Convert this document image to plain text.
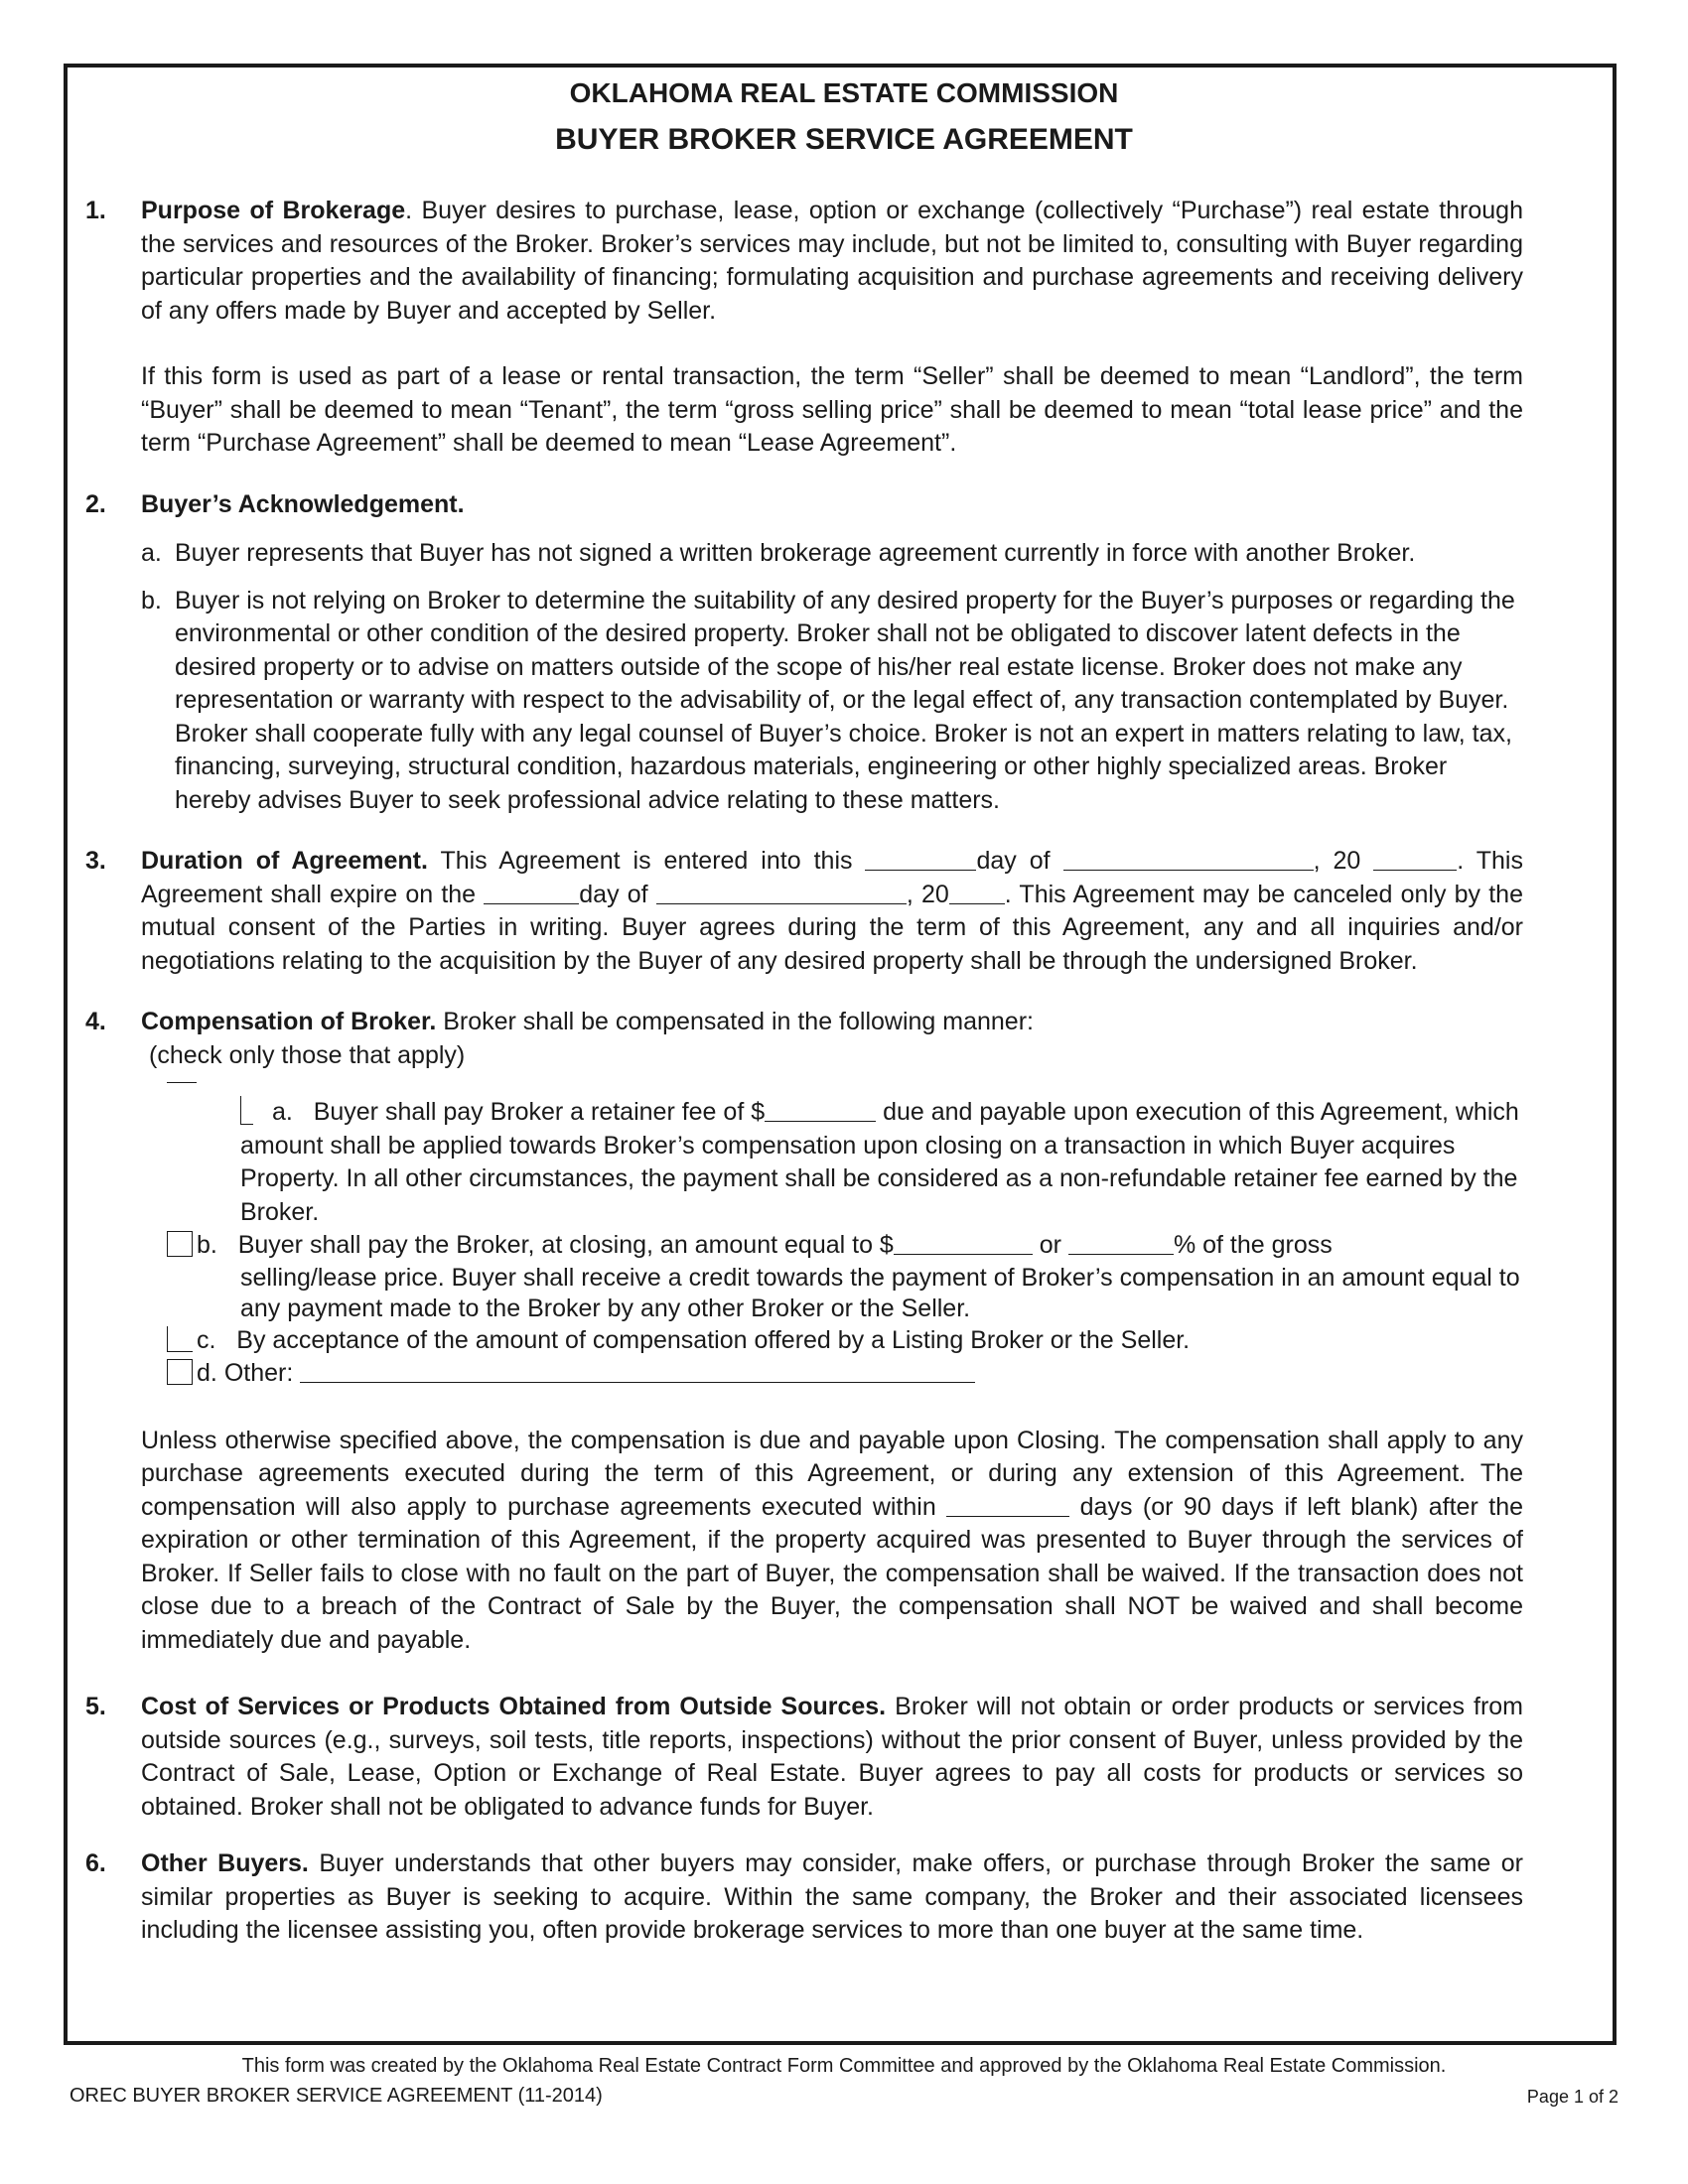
OKLAHOMA REAL ESTATE COMMISSION
BUYER BROKER SERVICE AGREEMENT
1. Purpose of Brokerage. Buyer desires to purchase, lease, option or exchange (collectively “Purchase”) real estate through the services and resources of the Broker. Broker’s services may include, but not be limited to, consulting with Buyer regarding particular properties and the availability of financing; formulating acquisition and purchase agreements and receiving delivery of any offers made by Buyer and accepted by Seller.

If this form is used as part of a lease or rental transaction, the term “Seller” shall be deemed to mean “Landlord”, the term “Buyer” shall be deemed to mean “Tenant”, the term “gross selling price” shall be deemed to mean “total lease price” and the term “Purchase Agreement” shall be deemed to mean “Lease Agreement”.

2. Buyer’s Acknowledgement.

a. Buyer represents that Buyer has not signed a written brokerage agreement currently in force with another Broker.

b. Buyer is not relying on Broker to determine the suitability of any desired property for the Buyer’s purposes or regarding the environmental or other condition of the desired property. Broker shall not be obligated to discover latent defects in the desired property or to advise on matters outside of the scope of his/her real estate license. Broker does not make any representation or warranty with respect to the advisability of, or the legal effect of, any transaction contemplated by Buyer. Broker shall cooperate fully with any legal counsel of Buyer’s choice. Broker is not an expert in matters relating to law, tax, financing, surveying, structural condition, hazardous materials, engineering or other highly specialized areas. Broker hereby advises Buyer to seek professional advice relating to these matters.

3. Duration of Agreement. This Agreement is entered into this	day of	, 20	. This Agreement shall expire on the	day of	, 20 . This Agreement may be canceled only by the mutual consent of the Parties in writing. Buyer agrees during the term of this Agreement, any and all inquiries and/or negotiations relating to the acquisition by the Buyer of any desired property shall be through the undersigned Broker.

4. Compensation of Broker. Broker shall be compensated in the following manner:

(check only those that apply)

a. Buyer shall pay Broker a retainer fee of $	due and payable upon execution of this Agreement, which amount shall be applied towards Broker’s compensation upon closing on a transaction in which Buyer acquires Property. In all other circumstances, the payment shall be considered as a non-refundable retainer fee earned by the Broker.

b. Buyer shall pay the Broker, at closing, an amount equal to $	or	% of the gross

selling/lease price. Buyer shall receive a credit towards the payment of Broker’s compensation in an amount equal to any payment made to the Broker by any other Broker or the Seller.

c. By acceptance of the amount of compensation offered by a Listing Broker or the Seller.

d. Other:

Unless otherwise specified above, the compensation is due and payable upon Closing. The compensation shall apply to any purchase agreements executed during the term of this Agreement, or during any extension of this Agreement. The compensation will also apply to purchase agreements executed within	days (or 90 days if left blank) after the expiration or other termination of this Agreement, if the property acquired was presented to Buyer through the services of Broker. If Seller fails to close with no fault on the part of Buyer, the compensation shall be waived. If the transaction does not close due to a breach of the Contract of Sale by the Buyer, the compensation shall NOT be waived and shall become immediately due and payable.

5. Cost of Services or Products Obtained from Outside Sources. Broker will not obtain or order products or services from outside sources (e.g., surveys, soil tests, title reports, inspections) without the prior consent of Buyer, unless provided by the Contract of Sale, Lease, Option or Exchange of Real Estate. Buyer agrees to pay all costs for products or services so obtained. Broker shall not be obligated to advance funds for Buyer.

6. Other Buyers. Buyer understands that other buyers may consider, make offers, or purchase through Broker the same or similar properties as Buyer is seeking to acquire. Within the same company, the Broker and their associated licensees including the licensee assisting you, often provide brokerage services to more than one buyer at the same time.

This form was created by the Oklahoma Real Estate Contract Form Committee and approved by the Oklahoma Real Estate Commission.
OREC BUYER BROKER SERVICE AGREEMENT (11-2014)	Page 1 of 2
